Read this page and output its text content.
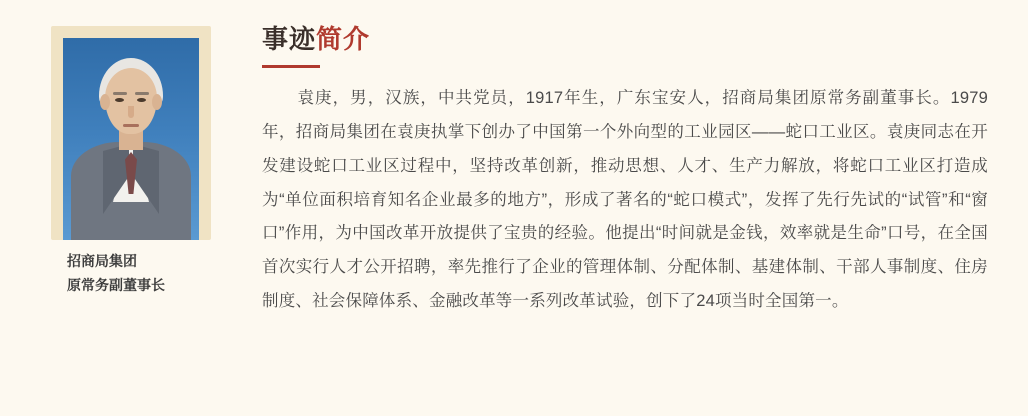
招商局集团
原常务副董事长
事迹简介

袁庚，男，汉族，中共党员，1917年生，广东宝安人，招商局集团原常务副董事长。1979年，招商局集团在袁庚执掌下创办了中国第一个外向型的工业园区——蛇口工业区。袁庚同志在开发建设蛇口工业区过程中，坚持改革创新，推动思想、人才、生产力解放，将蛇口工业区打造成为“单位面积培育知名企业最多的地方”，形成了著名的“蛇口模式”，发挥了先行先试的“试管”和“窗口”作用，为中国改革开放提供了宝贵的经验。他提出“时间就是金钱，效率就是生命”口号，在全国首次实行人才公开招聘，率先推行了企业的管理体制、分配体制、基建体制、干部人事制度、住房制度、社会保障体系、金融改革等一系列改革试验，创下了24项当时全国第一。
